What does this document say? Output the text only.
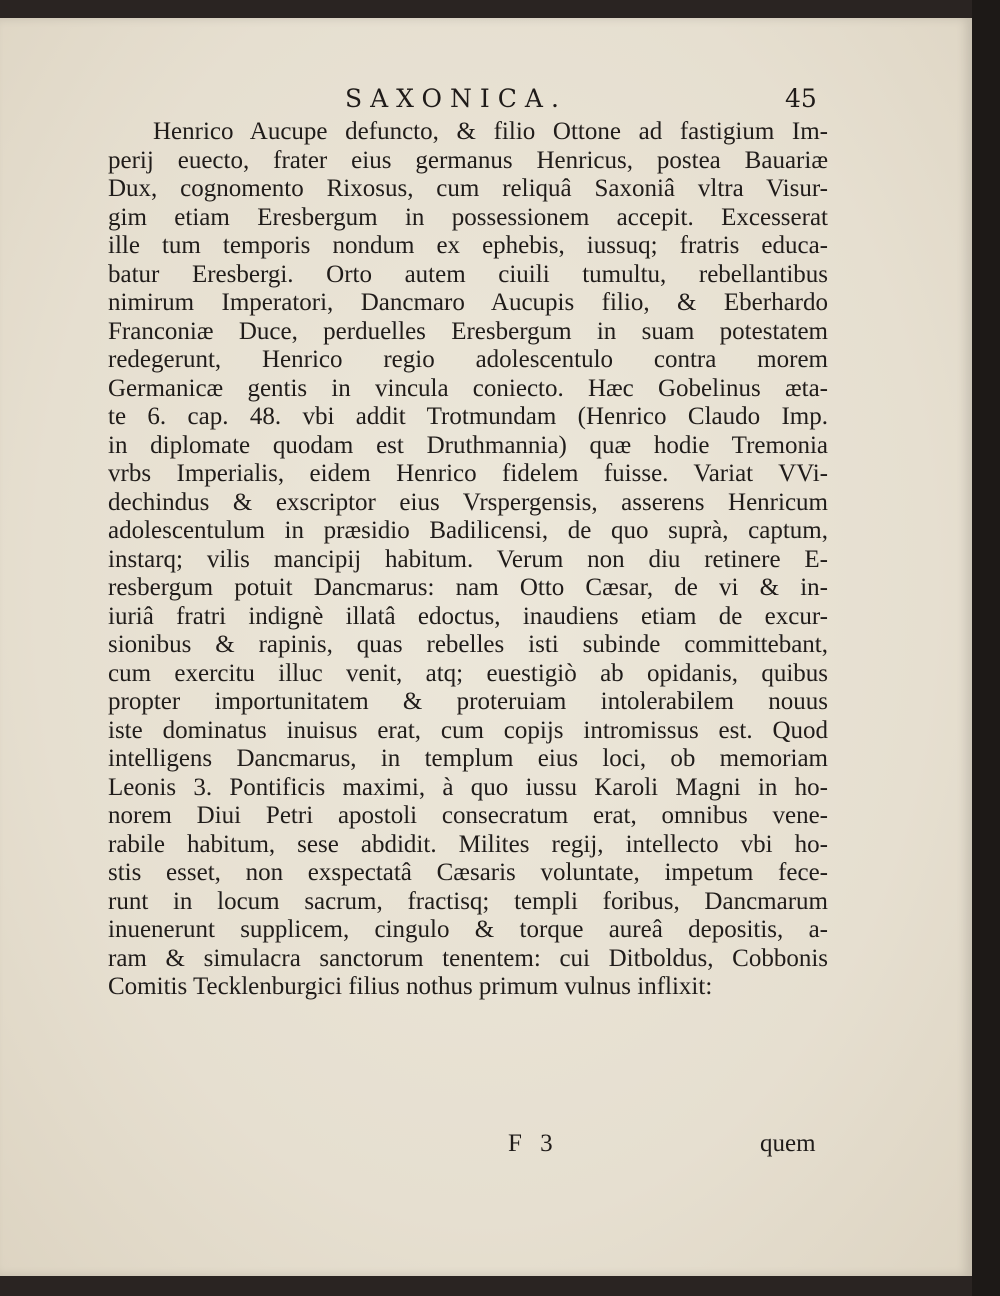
SAXONICA.	45
Henrico Aucupe defuncto, & filio Ottone ad fastigium Im-
perij euecto, frater eius germanus Henricus, postea Bauariæ
Dux, cognomento Rixosus, cum reliquâ Saxoniâ vltra Visur-
gim etiam Eresbergum in possessionem accepit. Excesserat
ille tum temporis nondum ex ephebis, iussuq; fratris educa-
batur Eresbergi. Orto autem ciuili tumultu, rebellantibus
nimirum Imperatori, Dancmaro Aucupis filio, & Eberhardo
Franconiæ Duce, perduelles Eresbergum in suam potestatem
redegerunt, Henrico regio adolescentulo contra morem
Germanicæ gentis in vincula coniecto. Hæc Gobelinus æta-
te 6. cap. 48. vbi addit Trotmundam (Henrico Claudo Imp.
in diplomate quodam est Druthmannia) quæ hodie Tremonia
vrbs Imperialis, eidem Henrico fidelem fuisse. Variat VVi-
dechindus & exscriptor eius Vrspergensis, asserens Henricum
adolescentulum in præsidio Badilicensi, de quo suprà, captum,
instarq; vilis mancipij habitum. Verum non diu retinere E-
resbergum potuit Dancmarus: nam Otto Cæsar, de vi & in-
iuriâ fratri indignè illatâ edoctus, inaudiens etiam de excur-
sionibus & rapinis, quas rebelles isti subinde committebant,
cum exercitu illuc venit, atq; euestigiò ab opidanis, quibus
propter importunitatem & proteruiam intolerabilem nouus
iste dominatus inuisus erat, cum copijs intromissus est. Quod
intelligens Dancmarus, in templum eius loci, ob memoriam
Leonis 3. Pontificis maximi, à quo iussu Karoli Magni in ho-
norem Diui Petri apostoli consecratum erat, omnibus vene-
rabile habitum, sese abdidit. Milites regij, intellecto vbi ho-
stis esset, non exspectatâ Cæsaris voluntate, impetum fece-
runt in locum sacrum, fractisq; templi foribus, Dancmarum
inuenerunt supplicem, cingulo & torque aureâ depositis, a-
ram & simulacra sanctorum tenentem: cui Ditboldus, Cobbonis
Comitis Tecklenburgici filius nothus primum vulnus inflixit:
F 3	quem
